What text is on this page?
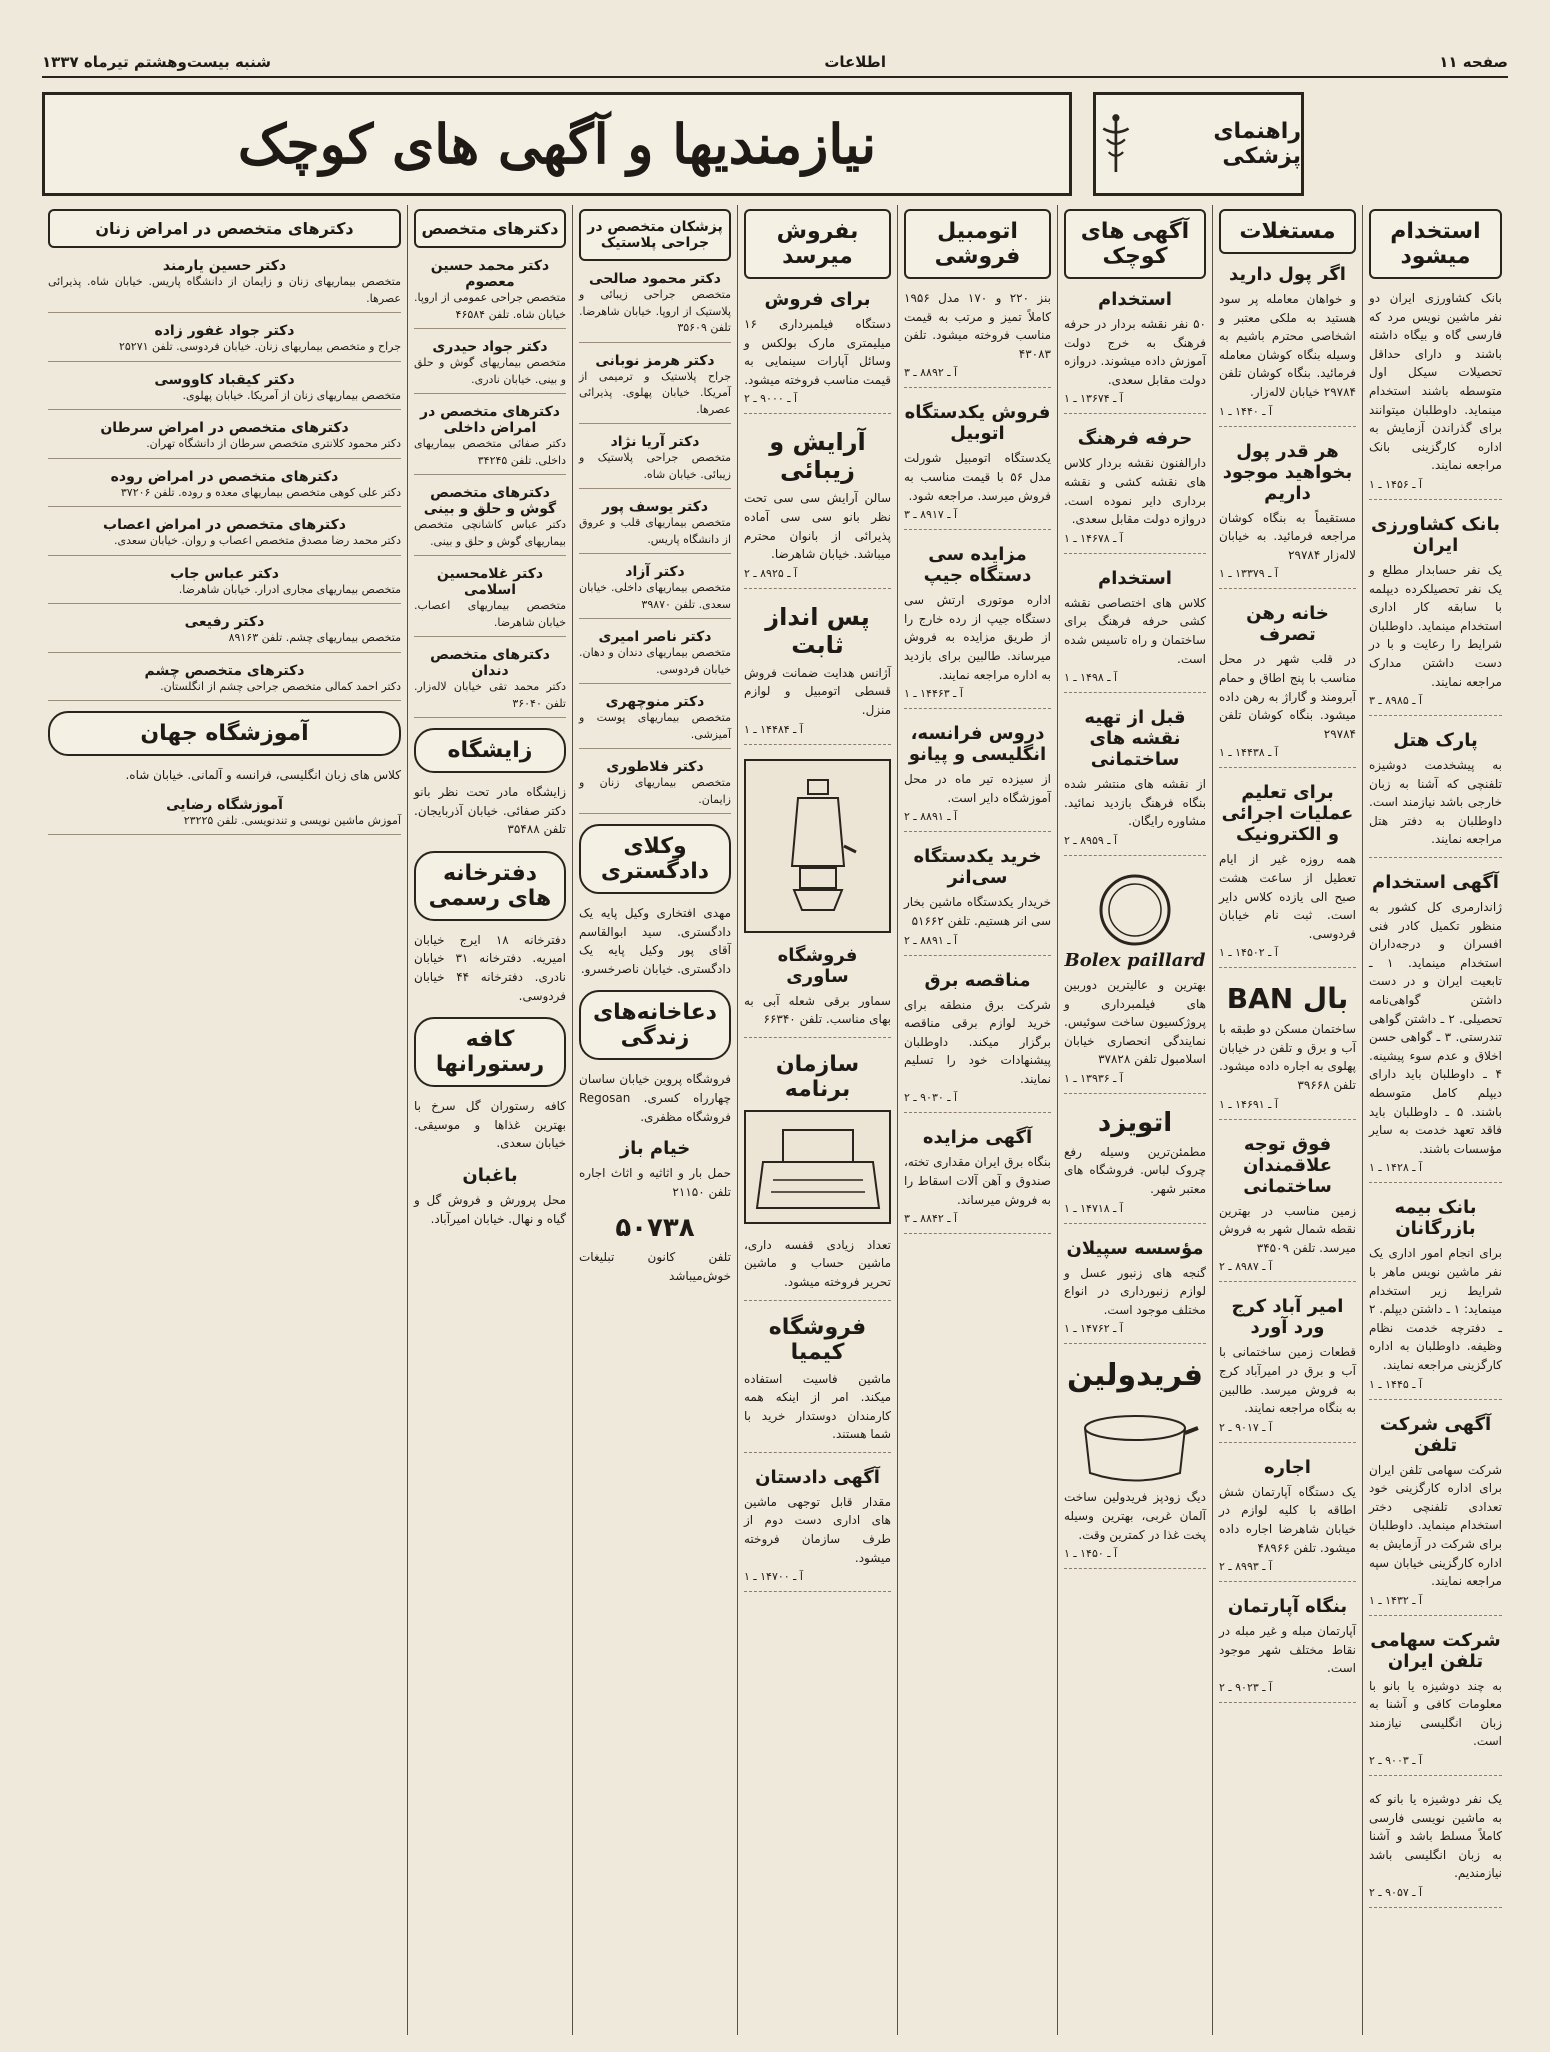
صفحه ۱۱
اطلاعات
شنبه بیست‌وهشتم تیرماه ۱۳۳۷
نیازمندیها و آگهی های کوچک	راهنمای پزشکی
استخدام میشود
بانک کشاورزی ایران دو نفر ماشین نویس مرد که فارسی گاه و بیگاه داشته باشند و دارای حداقل تحصیلات سیکل اول متوسطه باشند استخدام مینماید. داوطلبان میتوانند برای گذراندن آزمایش به اداره کارگزینی بانک مراجعه نمایند.
آ ـ ۱۴۵۶ ـ ۱
بانک کشاورزی ایران
یک نفر حسابدار مطلع و یک نفر تحصیلکرده دیپلمه با سابقه کار اداری استخدام مینماید. داوطلبان شرایط را رعایت و با در دست داشتن مدارک مراجعه نمایند.
آ ـ ۸۹۸۵ ـ ۳
پارک هتل
به پیشخدمت دوشیزه تلفنچی که آشنا به زبان خارجی باشد نیازمند است. داوطلبان به دفتر هتل مراجعه نمایند.
آگهی استخدام
ژاندارمری کل کشور به منظور تکمیل کادر فنی افسران و درجه‌داران استخدام مینماید. ۱ ـ تابعیت ایران و در دست داشتن گواهی‌نامه تحصیلی. ۲ ـ داشتن گواهی تندرستی. ۳ ـ گواهی حسن اخلاق و عدم سوء پیشینه. ۴ ـ داوطلبان باید دارای دیپلم کامل متوسطه باشند. ۵ ـ داوطلبان باید فاقد تعهد خدمت به سایر مؤسسات باشند.
آ ـ ۱۴۲۸ ـ ۱
بانک بیمه بازرگانان
برای انجام امور اداری یک نفر ماشین نویس ماهر با شرایط زیر استخدام مینماید: ۱ ـ داشتن دیپلم. ۲ ـ دفترچه خدمت نظام وظیفه. داوطلبان به اداره کارگزینی مراجعه نمایند.
آ ـ ۱۴۴۵ ـ ۱
آگهی شرکت تلفن
شرکت سهامی تلفن ایران برای اداره کارگزینی خود تعدادی تلفنچی دختر استخدام مینماید. داوطلبان برای شرکت در آزمایش به اداره کارگزینی خیابان سپه مراجعه نمایند.
آ ـ ۱۴۳۲ ـ ۱
شرکت سهامی تلفن ایران
به چند دوشیزه یا بانو با معلومات کافی و آشنا به زبان انگلیسی نیازمند است.
آ ـ ۹۰۰۳ ـ ۲
یک نفر دوشیزه یا بانو که به ماشین نویسی فارسی کاملاً مسلط باشد و آشنا به زبان انگلیسی باشد نیازمندیم.
آ ـ ۹۰۵۷ ـ ۲
مستغلات
اگر پول دارید
و خواهان معامله پر سود هستید به ملکی معتبر و اشخاصی محترم باشیم به وسیله بنگاه کوشان معامله فرمائید. بنگاه کوشان تلفن ۲۹۷۸۴ خیابان لاله‌زار.
آ ـ ۱۴۴۰ ـ ۱
هر قدر پول بخواهید موجود داریم
مستقیماً به بنگاه کوشان مراجعه فرمائید. به خیابان لاله‌زار ۲۹۷۸۴
آ ـ ۱۳۳۷۹ ـ ۱
خانه رهن تصرف
در قلب شهر در محل مناسب با پنج اطاق و حمام آبرومند و گاراژ به رهن داده میشود. بنگاه کوشان تلفن ۲۹۷۸۴
آ ـ ۱۴۴۳۸ ـ ۱
برای تعلیم عملیات اجرائی و الکترونیک
همه روزه غیر از ایام تعطیل از ساعت هشت صبح الی یازده کلاس دایر است. ثبت نام خیابان فردوسی.
آ ـ ۱۴۵۰۲ ـ ۱
بال BAN
ساختمان مسکن دو طبقه با آب و برق و تلفن در خیابان پهلوی به اجاره داده میشود. تلفن ۳۹۶۶۸
آ ـ ۱۴۶۹۱ ـ ۱
فوق توجه علاقمندان ساختمانی
زمین مناسب در بهترین نقطه شمال شهر به فروش میرسد. تلفن ۳۴۵۰۹
آ ـ ۸۹۸۷ ـ ۲
امیر آباد کرج ورد آورد
قطعات زمین ساختمانی با آب و برق در امیرآباد کرج به فروش میرسد. طالبین به بنگاه مراجعه نمایند.
آ ـ ۹۰۱۷ ـ ۲
اجاره
یک دستگاه آپارتمان شش اطاقه با کلیه لوازم در خیابان شاهرضا اجاره داده میشود. تلفن ۴۸۹۶۶
آ ـ ۸۹۹۳ ـ ۲
بنگاه آپارتمان
آپارتمان مبله و غیر مبله در نقاط مختلف شهر موجود است.
آ ـ ۹۰۲۳ ـ ۲
آگهی های کوچک
استخدام
۵۰ نفر نقشه بردار در حرفه فرهنگ به خرج دولت آموزش داده میشوند. دروازه دولت مقابل سعدی.
آ ـ ۱۳۶۷۴ ـ ۱
حرفه فرهنگ
دارالفنون نقشه بردار کلاس های نقشه کشی و نقشه برداری دایر نموده است. دروازه دولت مقابل سعدی.
آ ـ ۱۴۶۷۸ ـ ۱
استخدام
کلاس های اختصاصی نقشه کشی حرفه فرهنگ برای ساختمان و راه تاسیس شده است.
آ ـ ۱۴۹۸ ـ ۱
قبل از تهیه نقشه های ساختمانی
از نقشه های منتشر شده بنگاه فرهنگ بازدید نمائید. مشاوره رایگان.
آ ـ ۸۹۵۹ ـ ۲
Bolex paillard
بهترین و عالیترین دوربین های فیلمبرداری و پروژکسیون ساخت سوئیس. نمایندگی انحصاری خیابان اسلامبول تلفن ۳۷۸۲۸
آ ـ ۱۳۹۳۶ ـ ۱
اتویزد
مطمئن‌ترین وسیله رفع چروک لباس. فروشگاه های معتبر شهر.
آ ـ ۱۴۷۱۸ ـ ۱
مؤسسه سپیلان
گنجه های زنبور عسل و لوازم زنبورداری در انواع مختلف موجود است.
آ ـ ۱۴۷۶۲ ـ ۱
فریدولین
دیگ زودپز فریدولین ساخت آلمان غربی، بهترین وسیله پخت غذا در کمترین وقت.
آ ـ ۱۴۵۰ ـ ۱
اتومبیل فروشی
بنز ۲۲۰ و ۱۷۰ مدل ۱۹۵۶ کاملاً تمیز و مرتب به قیمت مناسب فروخته میشود. تلفن ۴۳۰۸۳
آ ـ ۸۸۹۲ ـ ۳
فروش یکدستگاه اتوبیل
یکدستگاه اتومبیل شورلت مدل ۵۶ با قیمت مناسب به فروش میرسد. مراجعه شود.
آ ـ ۸۹۱۷ ـ ۳
مزایده سی دستگاه جیپ
اداره موتوری ارتش سی دستگاه جیپ از رده خارج را از طریق مزایده به فروش میرساند. طالبین برای بازدید به اداره مراجعه نمایند.
آ ـ ۱۴۴۶۳ ـ ۱
دروس فرانسه، انگلیسی و پیانو
از سیزده تیر ماه در محل آموزشگاه دایر است.
آ ـ ۸۸۹۱ ـ ۲
خرید یکدستگاه سی‌انر
خریدار یکدستگاه ماشین بخار سی انر هستیم. تلفن ۵۱۶۶۲
آ ـ ۸۸۹۱ ـ ۲
مناقصه برق
شرکت برق منطقه برای خرید لوازم برقی مناقصه برگزار میکند. داوطلبان پیشنهادات خود را تسلیم نمایند.
آ ـ ۹۰۳۰ ـ ۲
آگهی مزایده
بنگاه برق ایران مقداری تخته، صندوق و آهن آلات اسقاط را به فروش میرساند.
آ ـ ۸۸۴۲ ـ ۳
بفروش میرسد
برای فروش
دستگاه فیلمبرداری ۱۶ میلیمتری مارک بولکس و وسائل آپارات سینمایی به قیمت مناسب فروخته میشود.
آ ـ ۹۰۰۰ ـ ۲
آرایش و زیبائی
سالن آرایش سی سی تحت نظر بانو سی سی آماده پذیرائی از بانوان محترم میباشد. خیابان شاهرضا.
آ ـ ۸۹۲۵ ـ ۲
پس انداز ثابت
آژانس هدایت ضمانت فروش قسطی اتومبیل و لوازم منزل.
آ ـ ۱۴۴۸۴ ـ ۱
فروشگاه ساوری
سماور برقی شعله آبی به بهای مناسب. تلفن ۶۶۳۴۰
سازمان برنامه
تعداد زیادی قفسه داری، ماشین حساب و ماشین تحریر فروخته میشود.
فروشگاه کیمیا
ماشین فاسیت استفاده میکند. امر از اینکه همه کارمندان دوستدار خرید با شما هستند.
آگهی دادستان
مقدار قابل توجهی ماشین های اداری دست دوم از طرف سازمان فروخته میشود.
آ ـ ۱۴۷۰۰ ـ ۱
پزشکان متخصص در جراحی پلاستیک
دکتر محمود صالحی
متخصص جراحی زیبائی و پلاستیک از اروپا. خیابان شاهرضا. تلفن ۳۵۶۰۹
دکتر هرمز نوبانی
جراح پلاستیک و ترمیمی از آمریکا. خیابان پهلوی. پذیرائی عصرها.
دکتر آریا نژاد
متخصص جراحی پلاستیک و زیبائی. خیابان شاه.
دکتر یوسف پور
متخصص بیماریهای قلب و عروق از دانشگاه پاریس.
دکتر آزاد
متخصص بیماریهای داخلی. خیابان سعدی. تلفن ۳۹۸۷۰
دکتر ناصر امیری
متخصص بیماریهای دندان و دهان. خیابان فردوسی.
دکتر منوچهری
متخصص بیماریهای پوست و آمیزشی.
دکتر فلاطوری
متخصص بیماریهای زنان و زایمان.
وکلای دادگستری
مهدی افتخاری وکیل پایه یک دادگستری. سید ابوالقاسم آقای پور وکیل پایه یک دادگستری. خیابان ناصرخسرو.
دعاخانه‌های زندگی
فروشگاه پروین خیابان ساسان چهارراه کسری. Regosan فروشگاه مظفری.
خیام باز
حمل بار و اثاثیه و اثاث اجاره تلفن ۲۱۱۵۰
۵۰۷۳۸
تلفن کانون تبلیغات خوش‌میباشد
دکترهای متخصص
دکتر محمد حسین معصوم
متخصص جراحی عمومی از اروپا. خیابان شاه. تلفن ۴۶۵۸۴
دکتر جواد حیدری
متخصص بیماریهای گوش و حلق و بینی. خیابان نادری.
دکترهای متخصص در امراض داخلی
دکتر صفائی متخصص بیماریهای داخلی. تلفن ۳۴۲۴۵
دکترهای متخصص گوش و حلق و بینی
دکتر عباس کاشانچی متخصص بیماریهای گوش و حلق و بینی.
دکتر غلامحسین اسلامی
متخصص بیماریهای اعصاب. خیابان شاهرضا.
دکترهای متخصص دندان
دکتر محمد تقی خیابان لاله‌زار. تلفن ۳۶۰۴۰
زایشگاه
زایشگاه مادر تحت نظر بانو دکتر صفائی. خیابان آذربایجان. تلفن ۳۵۴۸۸
دفترخانه های رسمی
دفترخانه ۱۸ ایرج خیابان امیریه. دفترخانه ۳۱ خیابان نادری. دفترخانه ۴۴ خیابان فردوسی.
کافه رستورانها
کافه رستوران گل سرخ با بهترین غذاها و موسیقی. خیابان سعدی.
باغبان
محل پرورش و فروش گل و گیاه و نهال. خیابان امیرآباد.
دکترهای متخصص در امراض زنان
دکتر حسین یارمند
متخصص بیماریهای زنان و زایمان از دانشگاه پاریس. خیابان شاه. پذیرائی عصرها.
دکتر جواد غفور زاده
جراح و متخصص بیماریهای زنان. خیابان فردوسی. تلفن ۲۵۲۷۱
دکتر کیقباد کاووسی
متخصص بیماریهای زنان از آمریکا. خیابان پهلوی.
دکترهای متخصص در امراض سرطان
دکتر محمود کلانتری متخصص سرطان از دانشگاه تهران.
دکترهای متخصص در امراض روده
دکتر علی کوهی متخصص بیماریهای معده و روده. تلفن ۳۷۲۰۶
دکترهای متخصص در امراض اعصاب
دکتر محمد رضا مصدق متخصص اعصاب و روان. خیابان سعدی.
دکتر عباس جاب
متخصص بیماریهای مجاری ادرار. خیابان شاهرضا.
دکتر رفیعی
متخصص بیماریهای چشم. تلفن ۸۹۱۶۳
دکترهای متخصص چشم
دکتر احمد کمالی متخصص جراحی چشم از انگلستان.
آموزشگاه جهان
کلاس های زبان انگلیسی، فرانسه و آلمانی. خیابان شاه.
آموزشگاه رضایی
آموزش ماشین نویسی و تندنویسی. تلفن ۲۳۲۲۵
